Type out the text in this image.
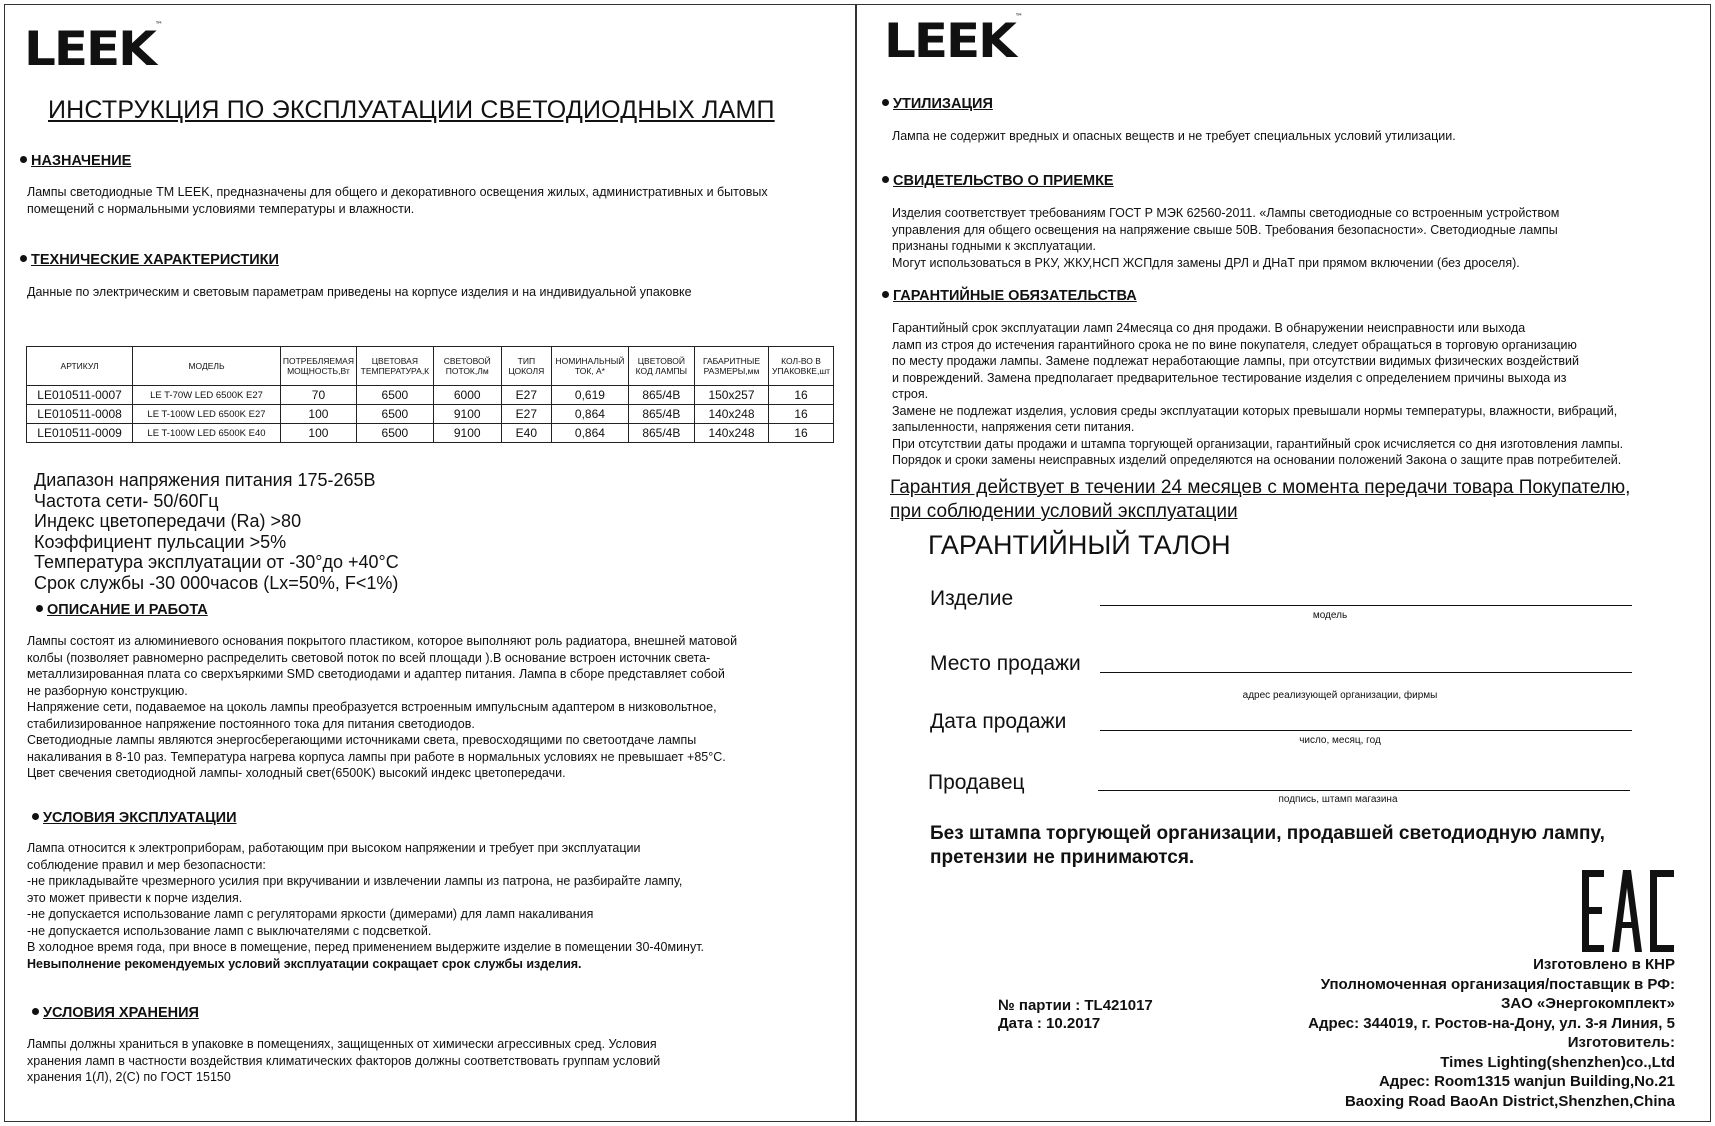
LEEK™
ИНСТРУКЦИЯ ПО ЭКСПЛУАТАЦИИ СВЕТОДИОДНЫХ ЛАМП
НАЗНАЧЕНИЕ
Лампы светодиодные ТМ LEEK, предназначены для общего и декоративного освещения жилых, административных и бытовых
помещений с нормальными условиями температуры и влажности.
ТЕХНИЧЕСКИЕ ХАРАКТЕРИСТИКИ
Данные по электрическим и световым параметрам приведены на корпусе изделия и на индивидуальной упаковке
АРТИКУЛ	МОДЕЛЬ	ПОТРЕБЛЯЕМАЯ МОЩНОСТЬ,Вт	ЦВЕТОВАЯ ТЕМПЕРАТУРА,К	СВЕТОВОЙ ПОТОК,Лм	ТИП ЦОКОЛЯ	НОМИНАЛЬНЫЙ ТОК, А*	ЦВЕТОВОЙ КОД ЛАМПЫ	ГАБАРИТНЫЕ РАЗМЕРЫ,мм	КОЛ-ВО В УПАКОВКЕ,шт
LE010511-0007	LE T-70W LED 6500K E27	70	6500	6000	E27	0,619	865/4B	150x257	16
LE010511-0008	LE T-100W LED 6500K E27	100	6500	9100	E27	0,864	865/4B	140x248	16
LE010511-0009	LE T-100W LED 6500K E40	100	6500	9100	E40	0,864	865/4B	140x248	16
Диапазон напряжения питания 175-265В
Частота сети- 50/60Гц
Индекс цветопередачи (Ra) >80
Коэффициент пульсации >5%
Температура эксплуатации от -30°до +40°С
Срок службы -30 000часов (Lx=50%, F<1%)
ОПИСАНИЕ И РАБОТА
Лампы состоят из алюминиевого основания покрытого пластиком, которое выполняют роль радиатора, внешней матовой
колбы (позволяет равномерно распределить световой поток по всей площади ).В основание встроен источник света-
металлизированная плата со сверхъяркими SMD светодиодами и адаптер питания. Лампа в сборе представляет собой
не разборную конструкцию.
Напряжение сети, подаваемое на цоколь лампы преобразуется встроенным импульсным адаптером в низковольтное,
стабилизированное напряжение постоянного тока для питания светодиодов.
Светодиодные лампы являются энергосберегающими источниками света, превосходящими по светоотдаче лампы
накаливания в 8-10 раз. Температура нагрева корпуса лампы при работе в нормальных условиях не превышает +85°С.
Цвет свечения светодиодной лампы- холодный свет(6500K) высокий индекс цветопередачи.
УСЛОВИЯ ЭКСПЛУАТАЦИИ
Лампа относится к электроприборам, работающим при высоком напряжении и требует при эксплуатации
соблюдение правил и мер безопасности:
-не прикладывайте чрезмерного усилия при вкручивании и извлечении лампы из патрона, не разбирайте лампу,
это может привести к порче изделия.
-не допускается использование ламп с регуляторами яркости (димерами) для ламп накаливания
-не допускается использование ламп с выключателями с подсветкой.
В холодное время года, при вносе в помещение, перед применением выдержите изделие в помещении 30-40минут.
Невыполнение рекомендуемых условий эксплуатации сокращает срок службы изделия.
УСЛОВИЯ ХРАНЕНИЯ
Лампы должны храниться в упаковке в помещениях, защищенных от химически агрессивных сред. Условия
хранения ламп в частности воздействия климатических факторов должны соответствовать группам условий
хранения 1(Л), 2(С) по ГОСТ 15150
LEEK™
УТИЛИЗАЦИЯ
Лампа не содержит вредных и опасных веществ и не требует специальных условий утилизации.
СВИДЕТЕЛЬСТВО О ПРИЕМКЕ
Изделия соответствует требованиям ГОСТ Р МЭК 62560-2011. «Лампы светодиодные со встроенным устройством
управления для общего освещения на напряжение свыше 50В. Требования безопасности». Светодиодные лампы
признаны годными к эксплуатации.
Могут использоваться в РКУ, ЖКУ,НСП ЖСПдля замены ДРЛ и ДНаТ при прямом включении (без дроселя).
ГАРАНТИЙНЫЕ ОБЯЗАТЕЛЬСТВА
Гарантийный срок эксплуатации ламп 24месяца со дня продажи. В обнаружении неисправности или выхода
ламп из строя до истечения гарантийного срока не по вине покупателя, следует обращаться в торговую организацию
по месту продажи лампы. Замене подлежат неработающие лампы, при отсутствии видимых физических воздействий
и повреждений. Замена предполагает предварительное тестирование изделия с определением причины выхода из
строя.
Замене не подлежат изделия, условия среды эксплуатации которых превышали нормы температуры, влажности, вибраций,
запыленности, напряжения сети питания.
При отсутствии даты продажи и штампа торгующей организации, гарантийный срок исчисляется со дня изготовления лампы.
Порядок и сроки замены неисправных изделий определяются на основании положений Закона о защите прав потребителей.
Гарантия действует в течении 24 месяцев с момента передачи товара Покупателю,
при соблюдении условий эксплуатации
ГАРАНТИЙНЫЙ ТАЛОН
Изделие
модель
Место продажи
адрес реализующей организации, фирмы
Дата продажи
число, месяц, год
Продавец
подпись, штамп магазина
Без штампа торгующей организации, продавшей светодиодную лампу,
претензии не принимаются.
№ партии : TL421017
Дата : 10.2017
Изготовлено в КНР
Уполномоченная организация/поставщик в РФ:
ЗАО «Энергокомплект»
Адрес: 344019, г. Ростов-на-Дону, ул. 3-я Линия, 5
Изготовитель:
Times Lighting(shenzhen)co.,Ltd
Адрес: Room1315 wanjun Building,No.21
Baoxing Road BaoAn District,Shenzhen,China
